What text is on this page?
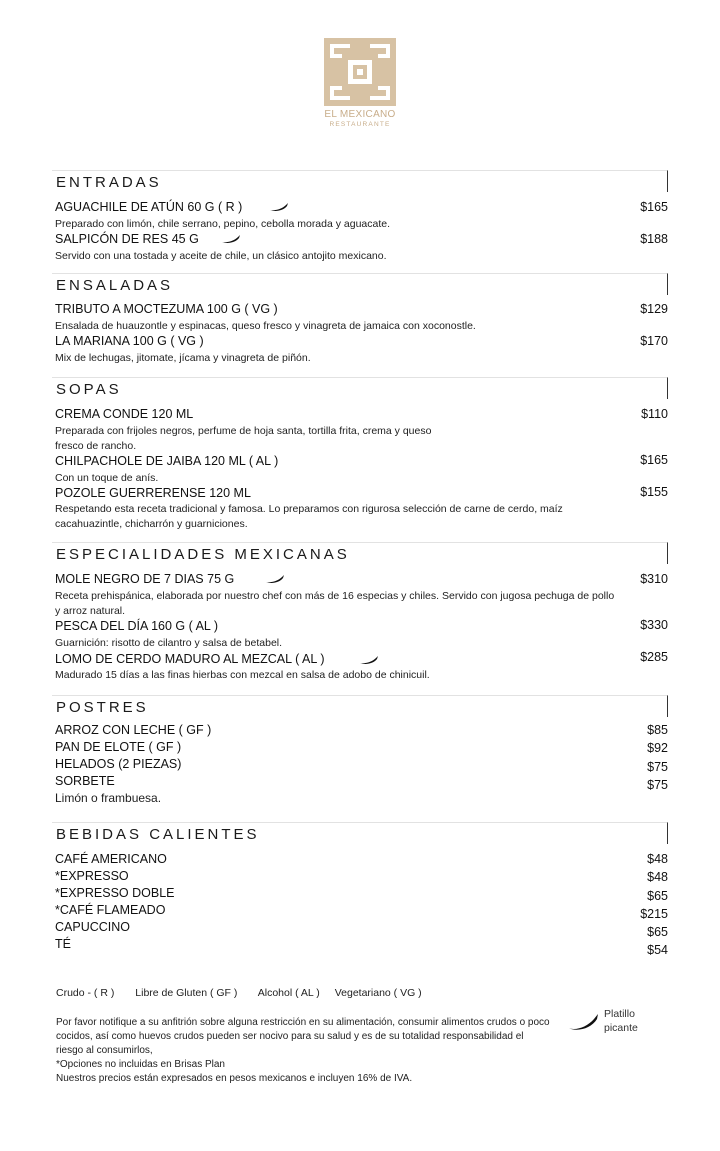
EL MEXICANO
RESTAURANTE
ENTRADAS
AGUACHILE DE ATÚN 60 G ( R )	$165
Preparado con limón, chile serrano, pepino, cebolla morada y aguacate.
SALPICÓN DE RES 45 G	$188
Servido con una tostada y aceite de chile, un clásico antojito mexicano.
ENSALADAS
TRIBUTO A MOCTEZUMA 100 G ( VG )	$129
Ensalada de huauzontle y espinacas, queso fresco y vinagreta de jamaica con xoconostle.
LA MARIANA 100 G ( VG )	$170
Mix de lechugas, jitomate, jícama y vinagreta de piñón.
SOPAS
CREMA CONDE 120 ML	$110
Preparada con frijoles negros, perfume de hoja santa, tortilla frita, crema y queso fresco de rancho.
CHILPACHOLE DE JAIBA 120 ML ( AL )	$165
Con un toque de anís.
POZOLE GUERRERENSE 120 ML	$155
Respetando esta receta tradicional y famosa. Lo preparamos con rigurosa selección de carne de cerdo, maíz cacahuazintle, chicharrón y guarniciones.
ESPECIALIDADES MEXICANAS
MOLE NEGRO DE 7 DIAS 75 G	$310
Receta prehispánica, elaborada por nuestro chef con más de 16 especias y chiles. Servido con jugosa pechuga de pollo y arroz natural.
PESCA DEL DÍA 160 G ( AL )	$330
Guarnición: risotto de cilantro y salsa de betabel.
LOMO DE CERDO MADURO AL MEZCAL ( AL )	$285
Madurado 15 días a las finas hierbas con mezcal en salsa de adobo de chinicuil.
POSTRES
ARROZ CON LECHE ( GF )	$85
PAN DE ELOTE ( GF )	$92
HELADOS (2 PIEZAS)	$75
SORBETE	$75
Limón o frambuesa.
BEBIDAS CALIENTES
CAFÉ AMERICANO	$48
*EXPRESSO	$48
*EXPRESSO DOBLE	$65
*CAFÉ FLAMEADO	$215
CAPUCCINO	$65
TÉ	$54
Crudo - ( R ) Libre de Gluten ( GF ) Alcohol ( AL ) Vegetariano ( VG )
Por favor notifique a su anfitrión sobre alguna restricción en su alimentación, consumir alimentos crudos o poco cocidos, así como huevos crudos pueden ser nocivo para su salud y es de su totalidad responsabilidad el riesgo al consumirlos,
*Opciones no incluidas en Brisas Plan
Nuestros precios están expresados en pesos mexicanos e incluyen 16% de IVA.
Platillo
picante
